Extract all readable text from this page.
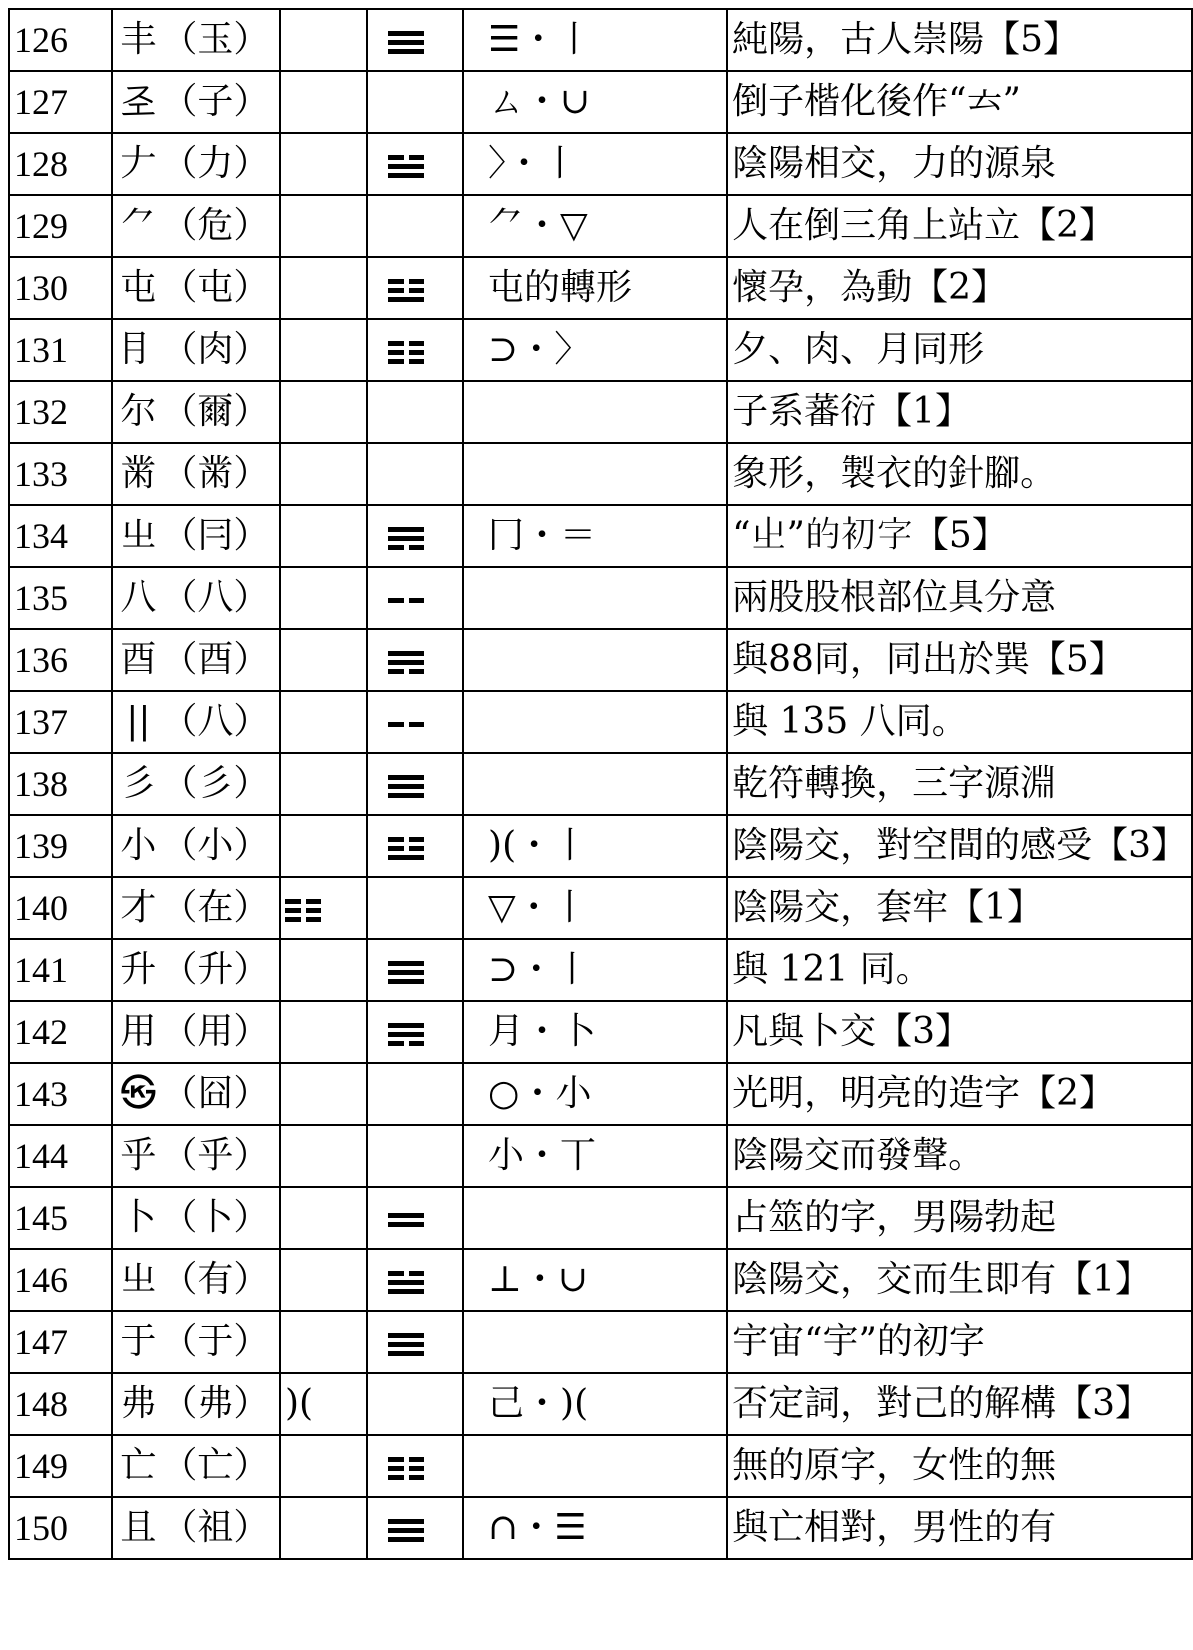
126	丰 （玉）			☰・丨	純陽，古人崇陽【5】
127	𢀖 （子）			ㄙ・∪	倒子楷化後作“𠫓”
128	𠂇 （力）			〉・丨	陰陽相交，力的源泉
129	⺈ （危）			⺈・▽	人在倒三角上站立【2】
130	屯 （屯）			屯的轉形	懷孕，為動【2】
131	⺝ （肉）			⊃・〉	夕、肉、月同形
132	尔 （爾）				子系蕃衍【1】
133	黹 （黹）				象形，製衣的針腳。
134	㞢 （冃）			冂・＝	“𡳿”的初字【5】
135	八 （八）				兩股股根部位具分意
136	酉 （酉）				與88同，同出於巽【5】
137	|| （八）				與 135 八同。
138	彡 （彡）				乾符轉換，三字源淵
139	小 （小）			)(・丨	陰陽交，對空間的感受【3】
140	才 （在）			▽・丨	陰陽交，套牢【1】
141	升 （升）			⊃・丨	與 121 同。
142	用 （用）			月・卜	凡與卜交【3】
143	㉿ （囧）			○・小	光明，明亮的造字【2】
144	乎 （乎）			小・丅	陰陽交而發聲。
145	卜 （卜）				占筮的字，男陽勃起
146	㞢 （有）			⊥・∪	陰陽交，交而生即有【1】
147	于 （于）				宇宙“宇”的初字
148	弗 （弗）	)(		己・)(	否定詞，對己的解構【3】
149	亡 （亡）				無的原字，女性的無
150	且 （祖）			∩・☰	與亡相對，男性的有
